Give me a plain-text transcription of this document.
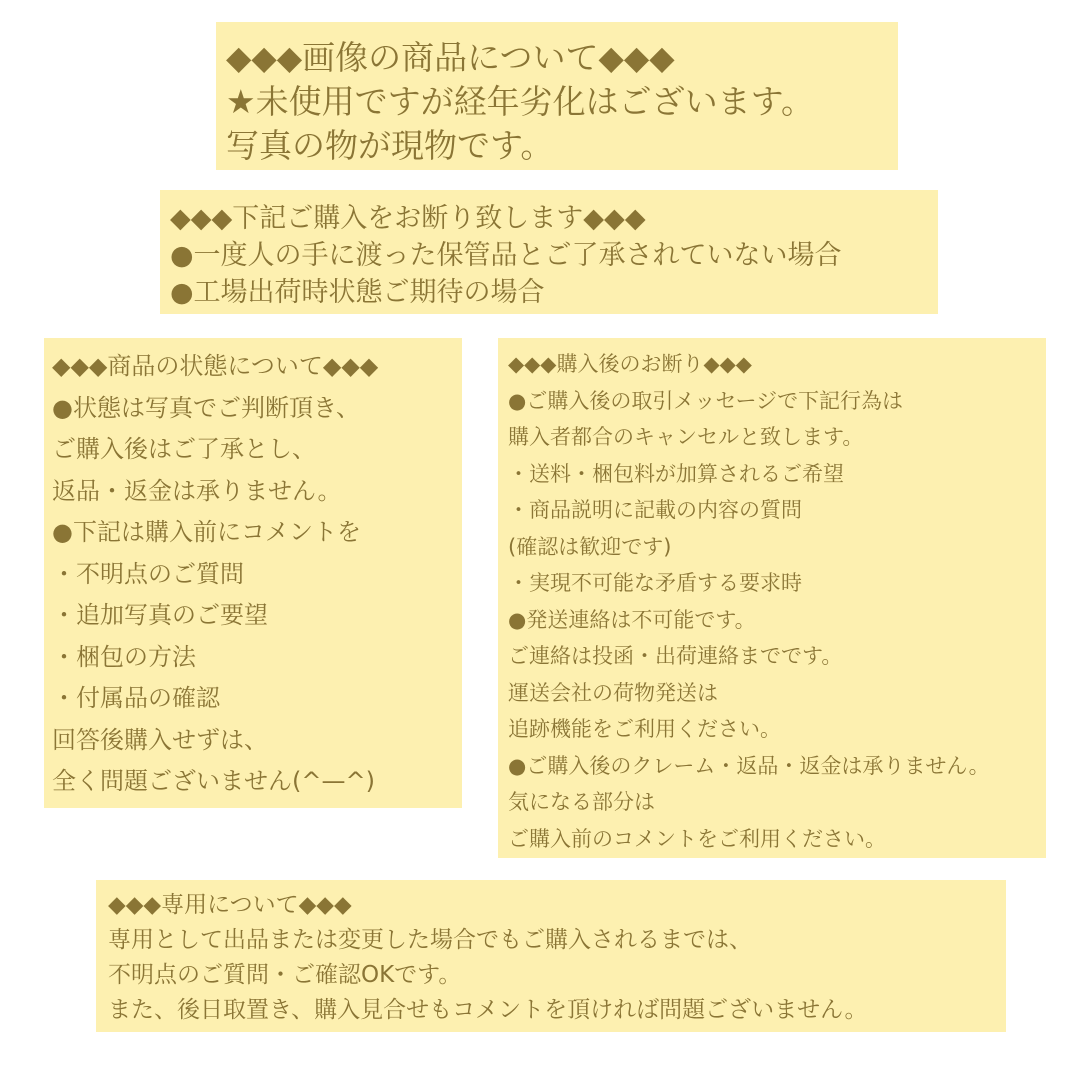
◆◆◆画像の商品について◆◆◆
★未使用ですが経年劣化はございます。
写真の物が現物です。
◆◆◆下記ご購入をお断り致します◆◆◆
●一度人の手に渡った保管品とご了承されていない場合
●工場出荷時状態ご期待の場合
◆◆◆商品の状態について◆◆◆
●状態は写真でご判断頂き、
ご購入後はご了承とし、
返品・返金は承りません。
●下記は購入前にコメントを
・不明点のご質問
・追加写真のご要望
・梱包の方法
・付属品の確認
回答後購入せずは、
全く問題ございません(^—^)
◆◆◆購入後のお断り◆◆◆
●ご購入後の取引メッセージで下記行為は
購入者都合のキャンセルと致します。
・送料・梱包料が加算されるご希望
・商品説明に記載の内容の質問
(確認は歓迎です)
・実現不可能な矛盾する要求時
●発送連絡は不可能です。
ご連絡は投函・出荷連絡までです。
運送会社の荷物発送は
追跡機能をご利用ください。
●ご購入後のクレーム・返品・返金は承りません。
気になる部分は
ご購入前のコメントをご利用ください。
◆◆◆専用について◆◆◆
専用として出品または変更した場合でもご購入されるまでは、
不明点のご質問・ご確認OKです。
また、後日取置き、購入見合せもコメントを頂ければ問題ございません。
